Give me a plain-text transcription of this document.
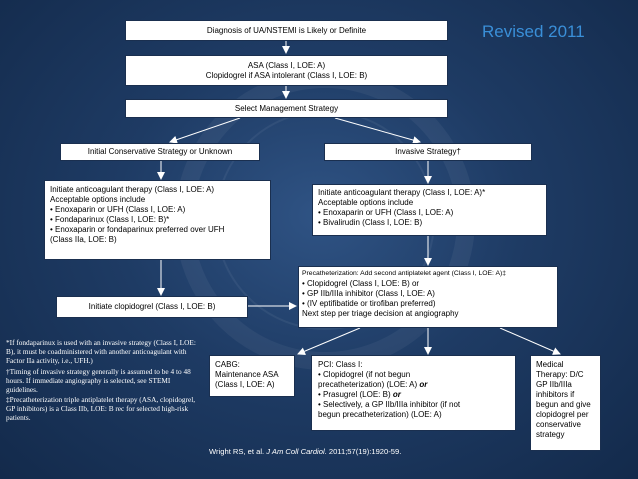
Diagnosis of UA/NSTEMI is Likely or Definite	Revised 2011
ASA (Class I, LOE: A)
Clopidogrel if ASA intolerant (Class I, LOE: B)
Select Management Strategy
Initial Conservative Strategy or Unknown	Invasive Strategy†
Initiate anticoagulant therapy (Class I, LOE: A)
Acceptable options include
• Enoxaparin or UFH (Class I, LOE: A)
• Fondaparinux (Class I, LOE: B)*
• Enoxaparin or fondaparinux preferred over UFH
(Class IIa, LOE: B)
Initiate anticoagulant therapy (Class I, LOE: A)*
Acceptable options include
• Enoxaparin or UFH (Class I, LOE: A)
• Bivalirudin (Class I, LOE: B)
Initiate clopidogrel (Class I, LOE: B)
Precatheterization: Add second antiplatelet agent (Class I, LOE: A)‡
• Clopidogrel (Class I, LOE: B) or
• GP IIb/IIIa inhibitor (Class I, LOE: A)
• (IV eptifibatide or tirofiban preferred)
Next step per triage decision at angiography
CABG:
Maintenance ASA
(Class I, LOE: A)
PCI: Class I:
• Clopidogrel (if not begun
precatheterization) (LOE: A) or
• Prasugrel (LOE: B) or
• Selectively, a GP IIb/IIIa inhibitor (if not
begun precatheterization) (LOE: A)
Medical
Therapy: D/C
GP IIb/IIIa
inhibitors if
begun and give
clopidogrel per
conservative
strategy

*If fondaparinux is used with an invasive strategy (Class I, LOE: B), it must be coadministered with another anticoagulant with Factor IIa activity, i.e., UFH.)

†Timing of invasive strategy generally is assumed to be 4 to 48 hours. If immediate angiography is selected, see STEMI guidelines.

‡Precatheterization triple antiplatelet therapy (ASA, clopidogrel, GP inhibitors) is a Class IIb, LOE: B rec for selected high-risk patients.

Wright RS, et al. J Am Coll Cardiol. 2011;57(19):1920-59.
